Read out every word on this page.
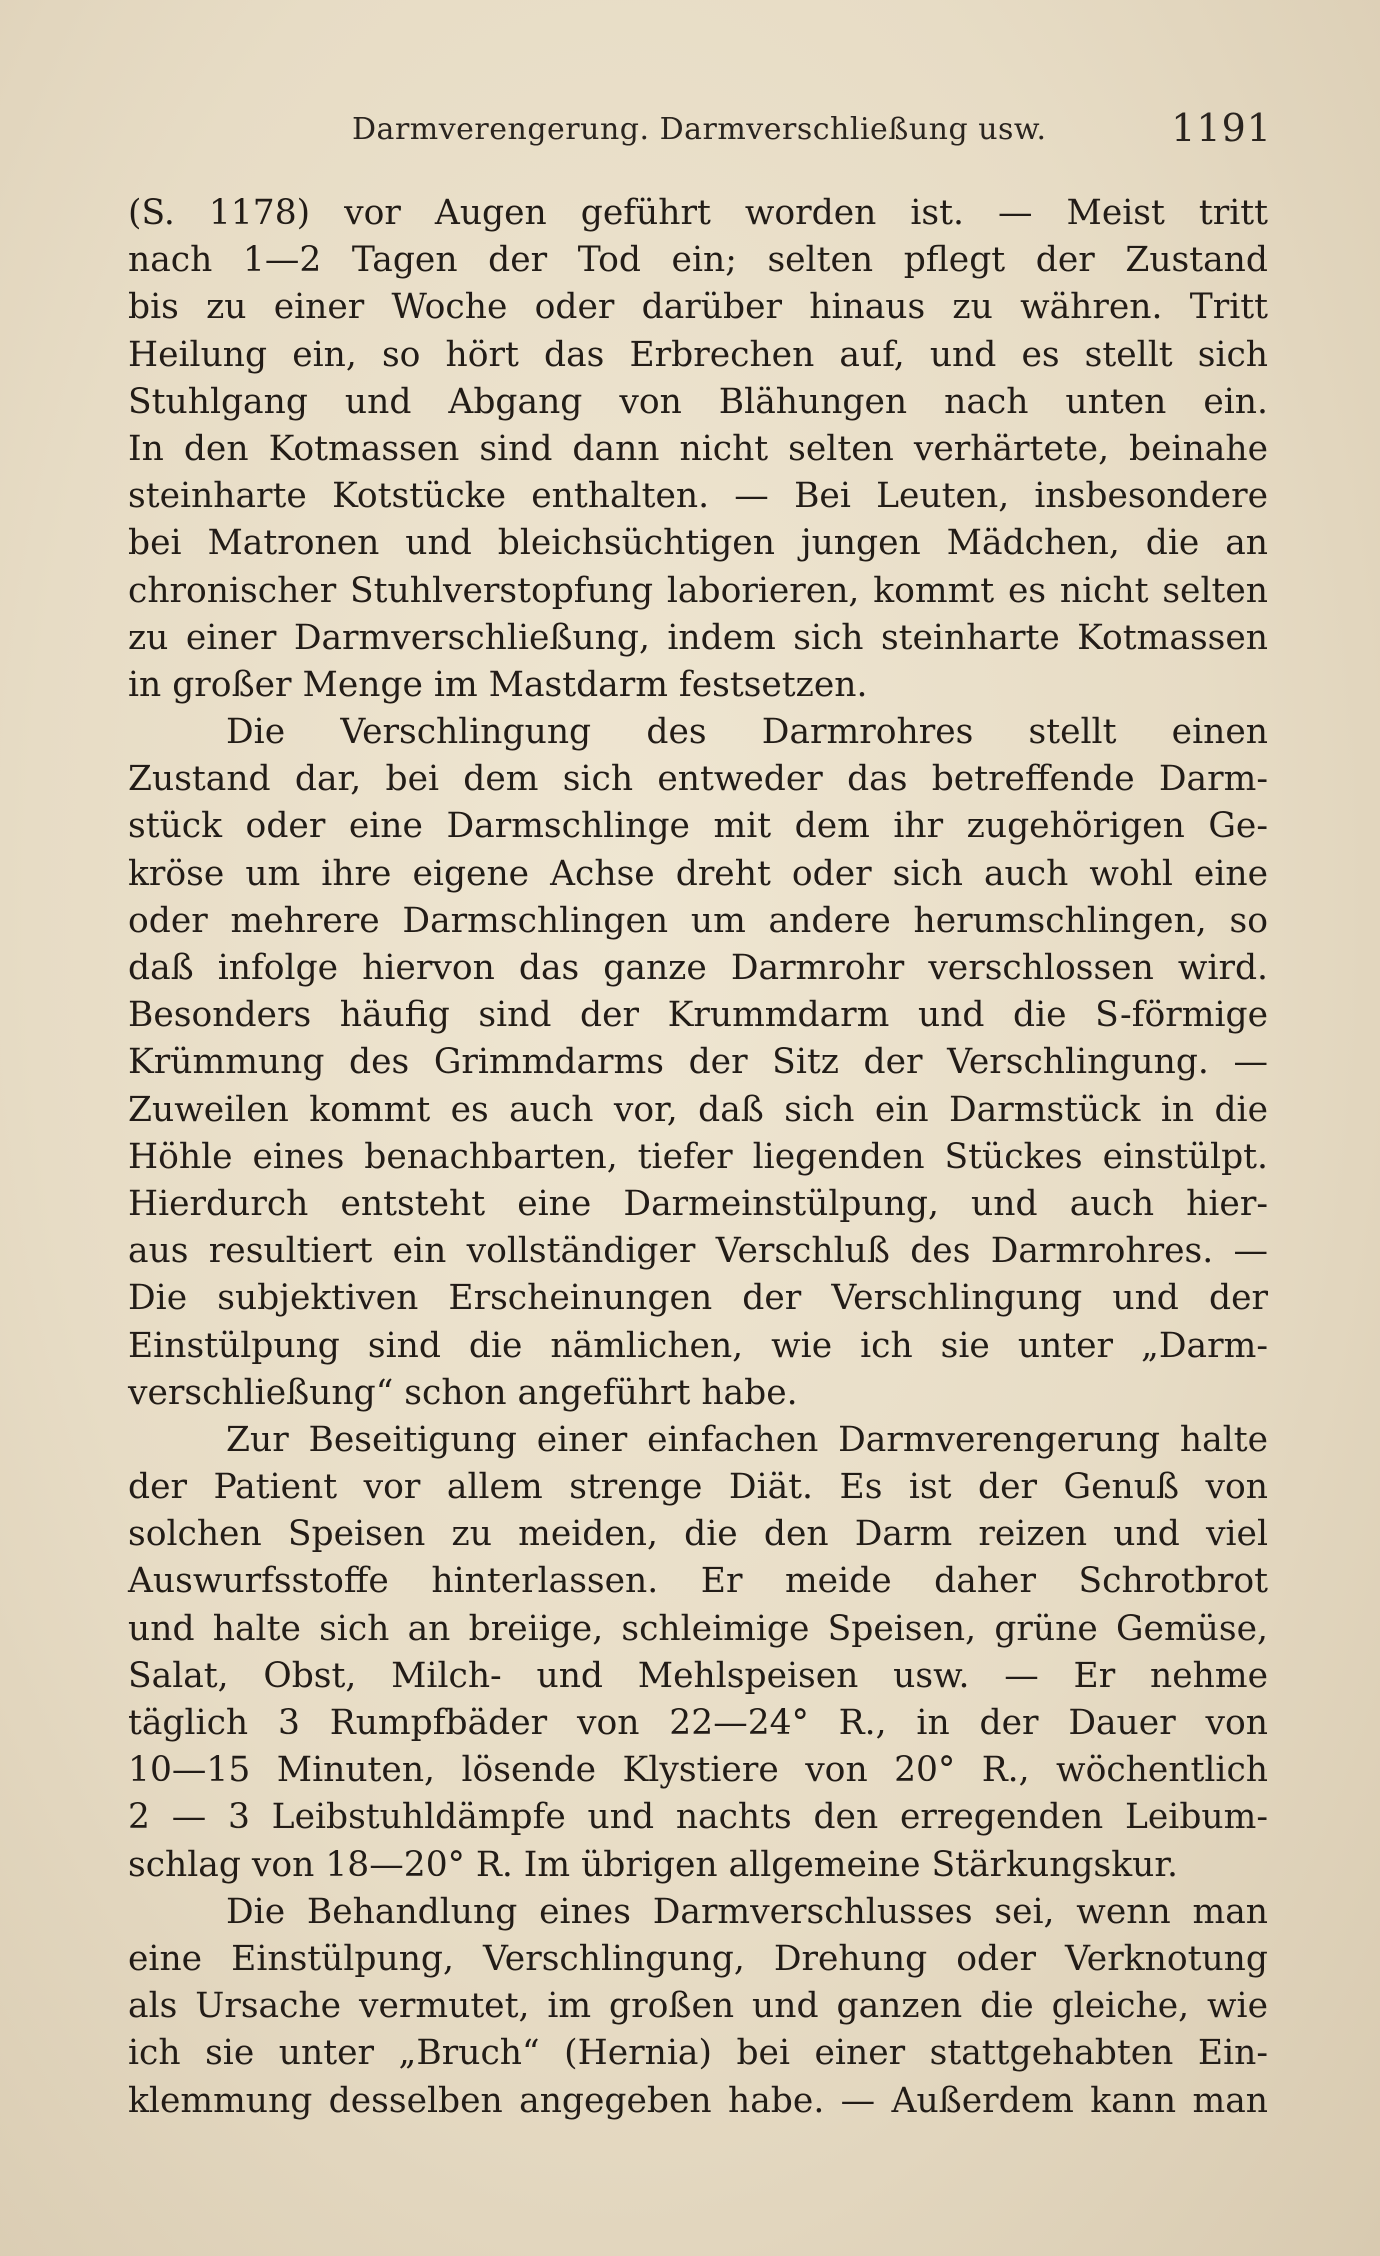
Darmverengerung. Darmverschließung usw.	1191
(S. 1178) vor Augen geführt worden ist. — Meist tritt
nach 1—2 Tagen der Tod ein; selten pflegt der Zustand
bis zu einer Woche oder darüber hinaus zu währen. Tritt
Heilung ein, so hört das Erbrechen auf, und es stellt sich
Stuhlgang und Abgang von Blähungen nach unten ein.
In den Kotmassen sind dann nicht selten verhärtete, beinahe
steinharte Kotstücke enthalten. — Bei Leuten, insbesondere
bei Matronen und bleichsüchtigen jungen Mädchen, die an
chronischer Stuhlverstopfung laborieren, kommt es nicht selten
zu einer Darmverschließung, indem sich steinharte Kotmassen
in großer Menge im Mastdarm festsetzen.
Die Verschlingung des Darmrohres stellt einen
Zustand dar, bei dem sich entweder das betreffende Darm-
stück oder eine Darmschlinge mit dem ihr zugehörigen Ge-
kröse um ihre eigene Achse dreht oder sich auch wohl eine
oder mehrere Darmschlingen um andere herumschlingen, so
daß infolge hiervon das ganze Darmrohr verschlossen wird.
Besonders häufig sind der Krummdarm und die S-förmige
Krümmung des Grimmdarms der Sitz der Verschlingung. —
Zuweilen kommt es auch vor, daß sich ein Darmstück in die
Höhle eines benachbarten, tiefer liegenden Stückes einstülpt.
Hierdurch entsteht eine Darmeinstülpung, und auch hier-
aus resultiert ein vollständiger Verschluß des Darmrohres. —
Die subjektiven Erscheinungen der Verschlingung und der
Einstülpung sind die nämlichen, wie ich sie unter „Darm-
verschließung“ schon angeführt habe.
Zur Beseitigung einer einfachen Darmverengerung halte
der Patient vor allem strenge Diät. Es ist der Genuß von
solchen Speisen zu meiden, die den Darm reizen und viel
Auswurfsstoffe hinterlassen. Er meide daher Schrotbrot
und halte sich an breiige, schleimige Speisen, grüne Gemüse,
Salat, Obst, Milch- und Mehlspeisen usw. — Er nehme
täglich 3 Rumpfbäder von 22—24° R., in der Dauer von
10—15 Minuten, lösende Klystiere von 20° R., wöchentlich
2 — 3 Leibstuhldämpfe und nachts den erregenden Leibum-
schlag von 18—20° R. Im übrigen allgemeine Stärkungskur.
Die Behandlung eines Darmverschlusses sei, wenn man
eine Einstülpung, Verschlingung, Drehung oder Verknotung
als Ursache vermutet, im großen und ganzen die gleiche, wie
ich sie unter „Bruch“ (Hernia) bei einer stattgehabten Ein-
klemmung desselben angegeben habe. — Außerdem kann man
